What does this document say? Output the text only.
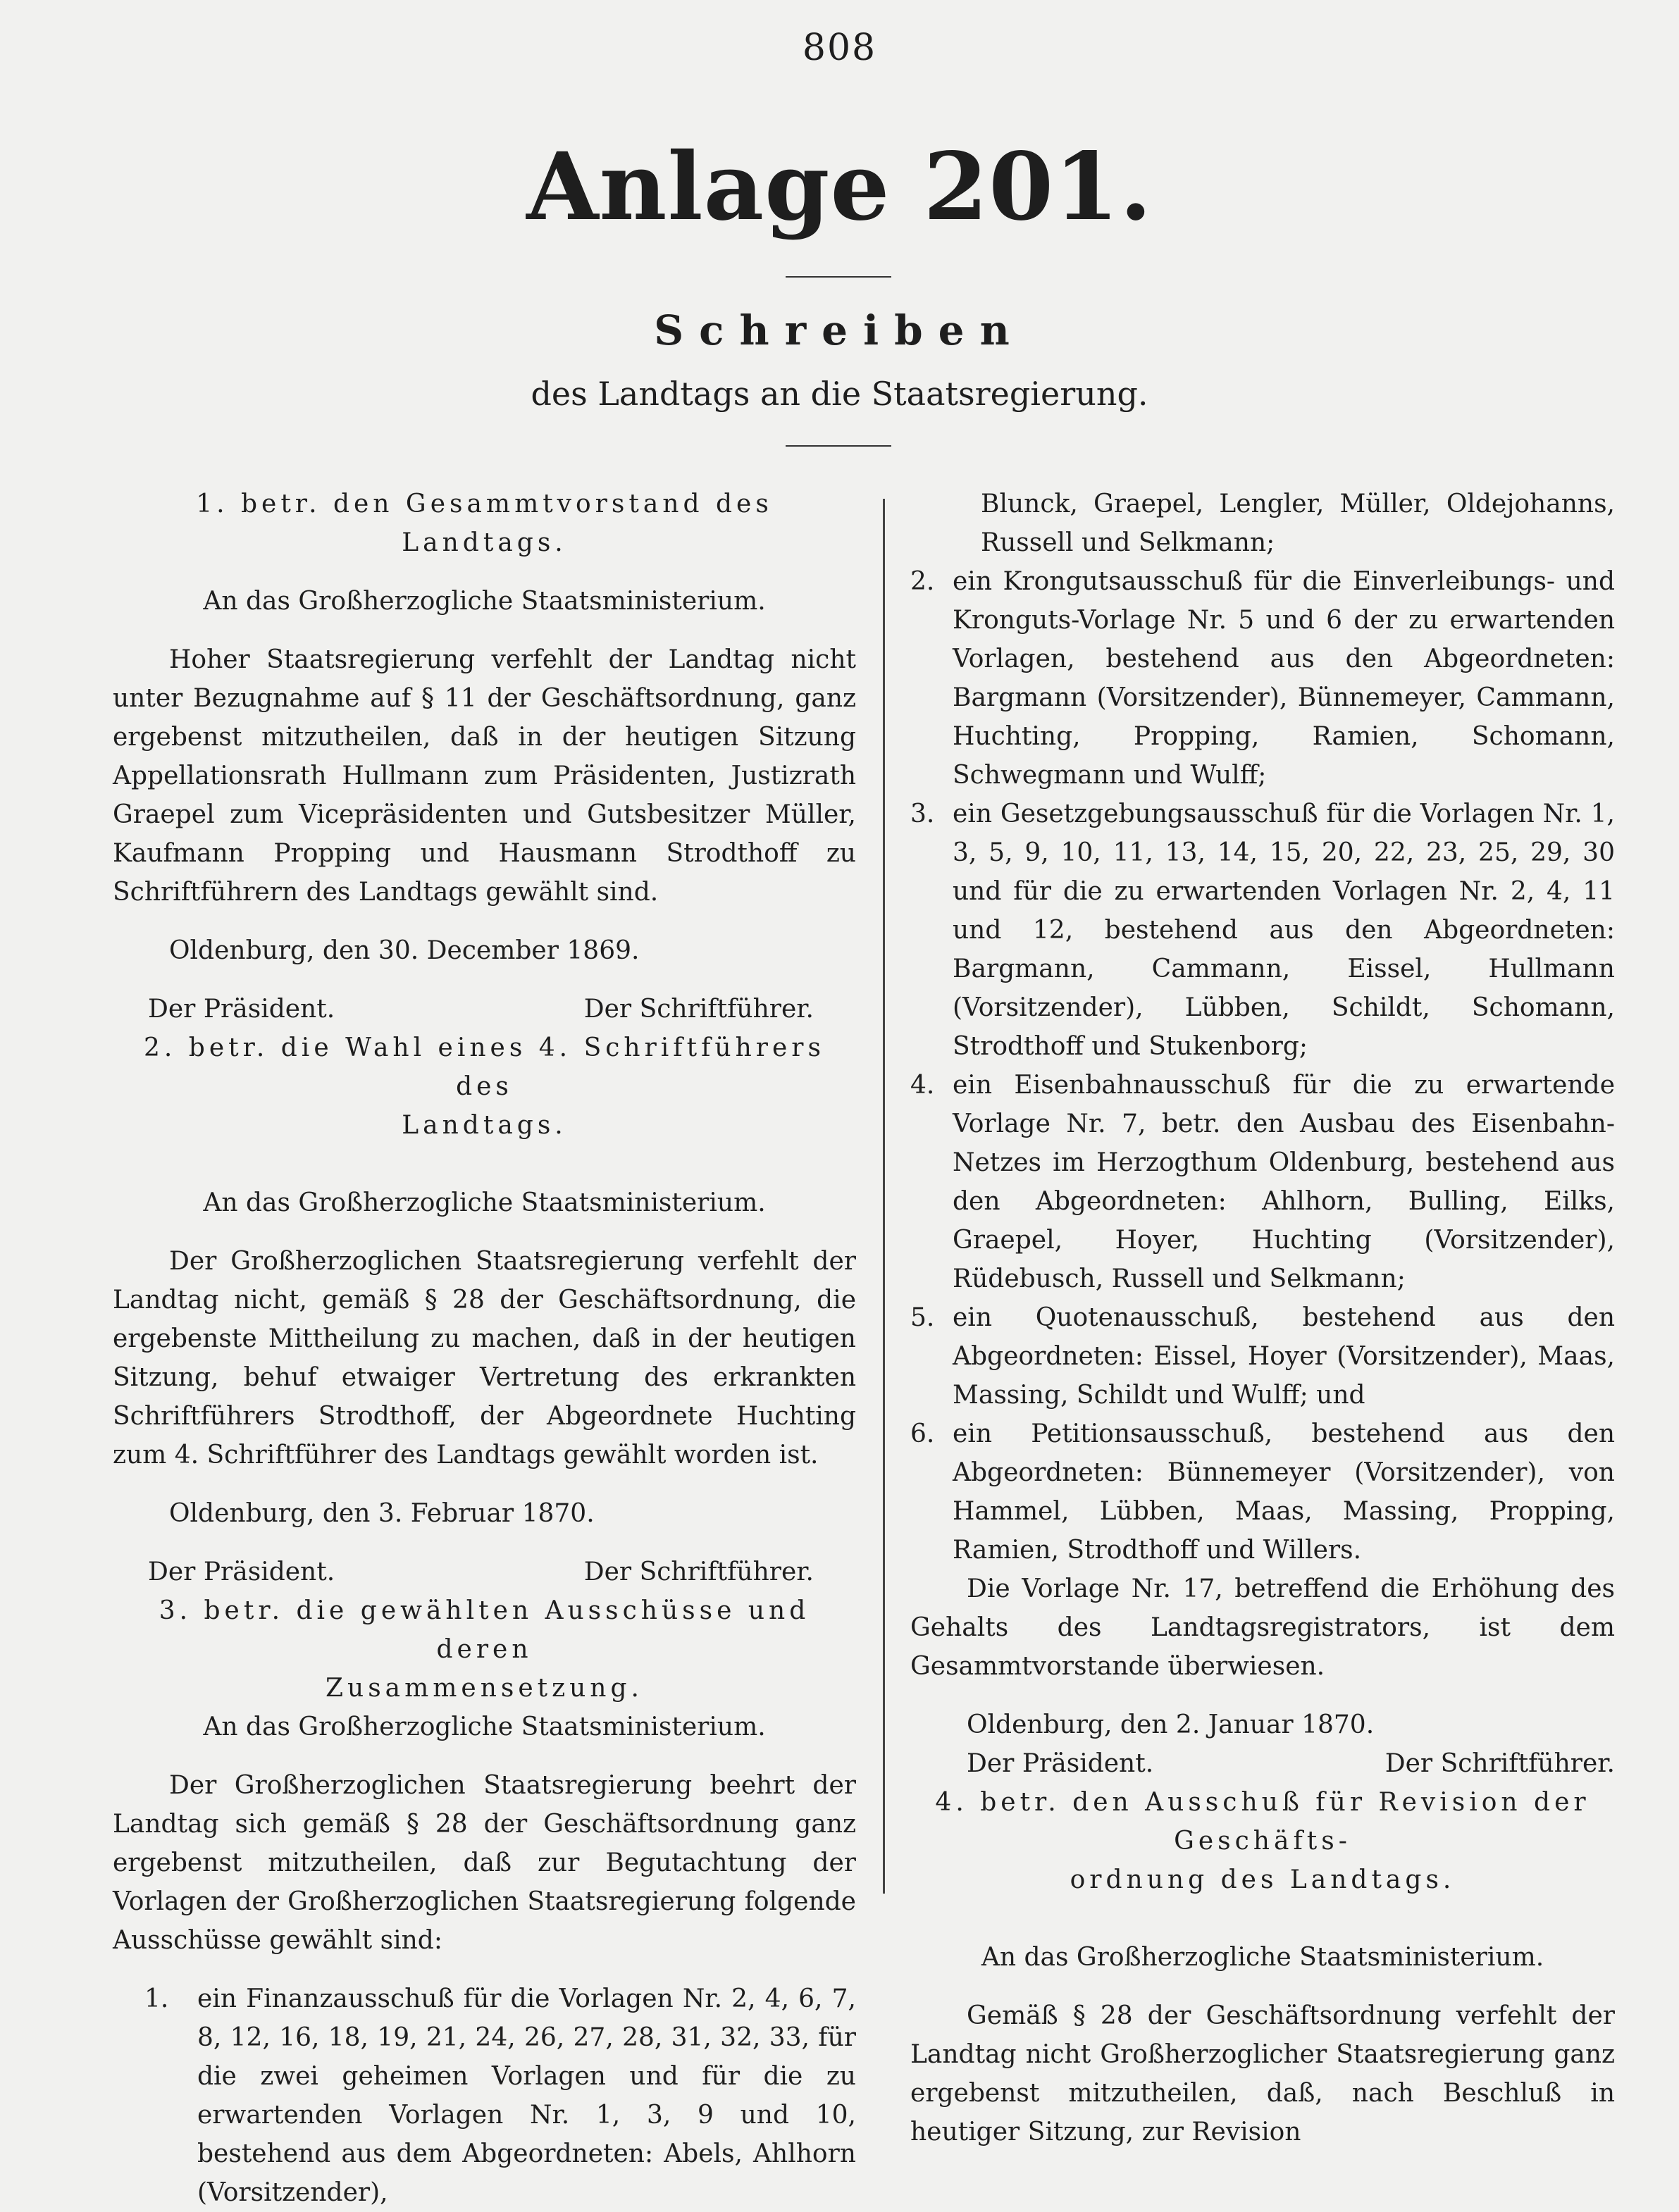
808
Anlage 201.
Schreiben
des Landtags an die Staatsregierung.

1. betr. den Gesammtvorstand des Landtags.

An das Großherzogliche Staatsministerium.

Hoher Staatsregierung verfehlt der Landtag nicht unter Bezugnahme auf § 11 der Geschäftsordnung, ganz ergebenst mitzutheilen, daß in der heutigen Sitzung Appellationsrath Hullmann zum Präsidenten, Justizrath Graepel zum Vicepräsidenten und Gutsbesitzer Müller, Kaufmann Propping und Hausmann Strodthoff zu Schriftführern des Landtags gewählt sind.

Oldenburg, den 30. December 1869.

Der Präsident.	Der Schriftführer.

2. betr. die Wahl eines 4. Schriftführers des

Landtags.

An das Großherzogliche Staatsministerium.

Der Großherzoglichen Staatsregierung verfehlt der Landtag nicht, gemäß § 28 der Geschäftsordnung, die ergebenste Mittheilung zu machen, daß in der heutigen Sitzung, behuf etwaiger Vertretung des erkrankten Schriftführers Strodthoff, der Abgeordnete Huchting zum 4. Schriftführer des Landtags gewählt worden ist.

Oldenburg, den 3. Februar 1870.

Der Präsident.	Der Schriftführer.

3. betr. die gewählten Ausschüsse und deren

Zusammensetzung.

An das Großherzogliche Staatsministerium.

Der Großherzoglichen Staatsregierung beehrt der Landtag sich gemäß § 28 der Geschäftsordnung ganz ergebenst mitzutheilen, daß zur Begutachtung der Vorlagen der Großherzoglichen Staatsregierung folgende Ausschüsse gewählt sind:

1.	ein Finanzausschuß für die Vorlagen Nr. 2, 4, 6, 7, 8, 12, 16, 18, 19, 21, 24, 26, 27, 28, 31, 32, 33, für die zwei geheimen Vorlagen und für die zu erwartenden Vorlagen Nr. 1, 3, 9 und 10, bestehend aus dem Abgeordneten: Abels, Ahlhorn (Vorsitzender),

Blunck, Graepel, Lengler, Müller, Oldejohanns, Russell und Selkmann;

2. ein Krongutsausschuß für die Einverleibungs- und Kronguts-Vorlage Nr. 5 und 6 der zu erwartenden Vorlagen, bestehend aus den Abgeordneten: Bargmann (Vorsitzender), Bünnemeyer, Cammann, Huchting, Propping, Ramien, Schomann, Schwegmann und Wulff;
3. ein Gesetzgebungsausschuß für die Vorlagen Nr. 1, 3, 5, 9, 10, 11, 13, 14, 15, 20, 22, 23, 25, 29, 30 und für die zu erwartenden Vorlagen Nr. 2, 4, 11 und 12, bestehend aus den Abgeordneten: Bargmann, Cammann, Eissel, Hullmann (Vorsitzender), Lübben, Schildt, Schomann, Strodthoff und Stukenborg;
4. ein Eisenbahnausschuß für die zu erwartende Vorlage Nr. 7, betr. den Ausbau des Eisenbahn-Netzes im Herzogthum Oldenburg, bestehend aus den Abgeordneten: Ahlhorn, Bulling, Eilks, Graepel, Hoyer, Huchting (Vorsitzender), Rüdebusch, Russell und Selkmann;
5. ein Quotenausschuß, bestehend aus den Abgeordneten: Eissel, Hoyer (Vorsitzender), Maas, Massing, Schildt und Wulff; und
6. ein Petitionsausschuß, bestehend aus den Abgeordneten: Bünnemeyer (Vorsitzender), von Hammel, Lübben, Maas, Massing, Propping, Ramien, Strodthoff und Willers.

Die Vorlage Nr. 17, betreffend die Erhöhung des Gehalts des Landtagsregistrators, ist dem Gesammtvorstande überwiesen.

Oldenburg, den 2. Januar 1870.

Der Präsident.	Der Schriftführer.

4. betr. den Ausschuß für Revision der Geschäfts-

ordnung des Landtags.

An das Großherzogliche Staatsministerium.

Gemäß § 28 der Geschäftsordnung verfehlt der Landtag nicht Großherzoglicher Staatsregierung ganz ergebenst mitzutheilen, daß, nach Beschluß in heutiger Sitzung, zur Revision
